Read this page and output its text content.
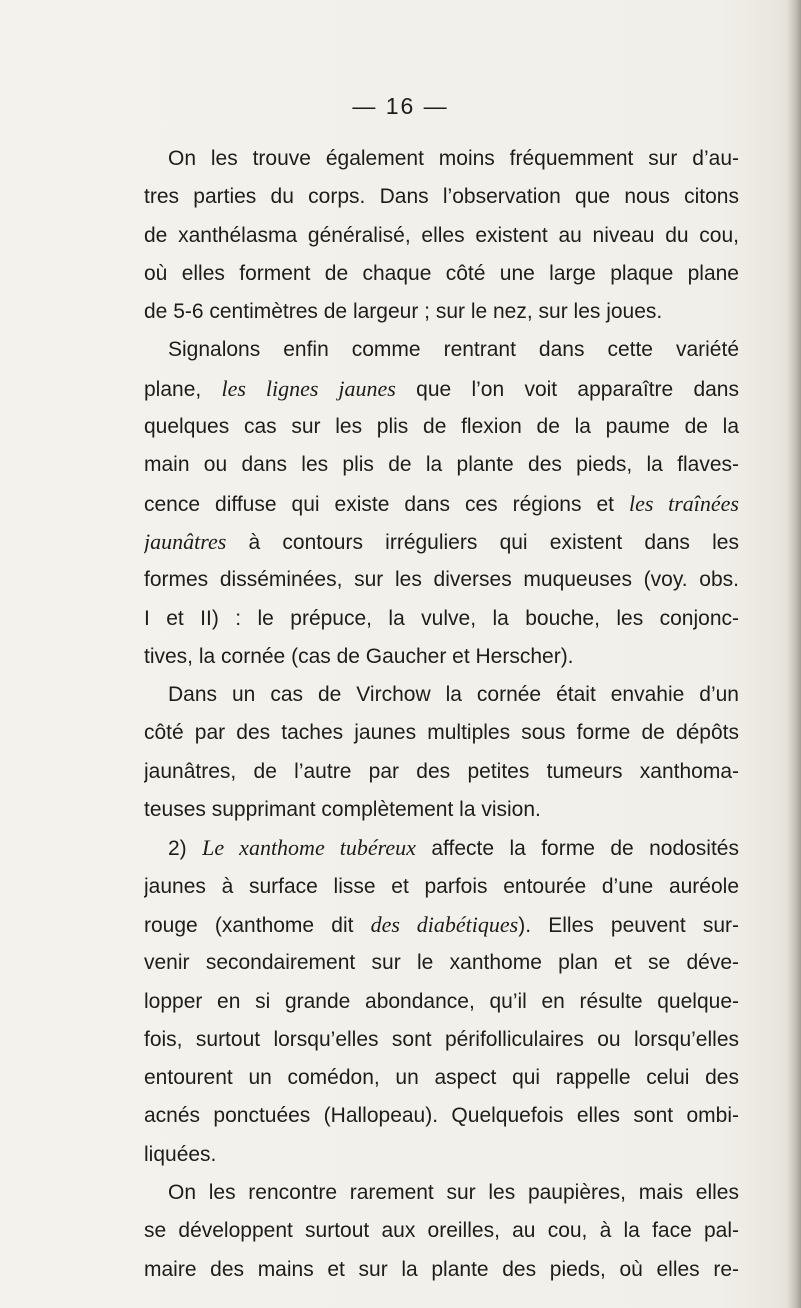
— 16 —
On les trouve également moins fréquemment sur d’au-
tres parties du corps. Dans l’observation que nous citons
de xanthélasma généralisé, elles existent au niveau du cou,
où elles forment de chaque côté une large plaque plane
de 5-6 centimètres de largeur ; sur le nez, sur les joues.
Signalons enfin comme rentrant dans cette variété
plane, les lignes jaunes que l’on voit apparaître dans
quelques cas sur les plis de flexion de la paume de la
main ou dans les plis de la plante des pieds, la flaves-
cence diffuse qui existe dans ces régions et les traînées
jaunâtres à contours irréguliers qui existent dans les
formes disséminées, sur les diverses muqueuses (voy. obs.
I et II) : le prépuce, la vulve, la bouche, les conjonc-
tives, la cornée (cas de Gaucher et Herscher).
Dans un cas de Virchow la cornée était envahie d’un
côté par des taches jaunes multiples sous forme de dépôts
jaunâtres, de l’autre par des petites tumeurs xanthoma-
teuses supprimant complètement la vision.
2) Le xanthome tubéreux affecte la forme de nodosités
jaunes à surface lisse et parfois entourée d’une auréole
rouge (xanthome dit des diabétiques). Elles peuvent sur-
venir secondairement sur le xanthome plan et se déve-
lopper en si grande abondance, qu’il en résulte quelque-
fois, surtout lorsqu’elles sont périfolliculaires ou lorsqu’elles
entourent un comédon, un aspect qui rappelle celui des
acnés ponctuées (Hallopeau). Quelquefois elles sont ombi-
liquées.
On les rencontre rarement sur les paupières, mais elles
se développent surtout aux oreilles, au cou, à la face pal-
maire des mains et sur la plante des pieds, où elles re-
